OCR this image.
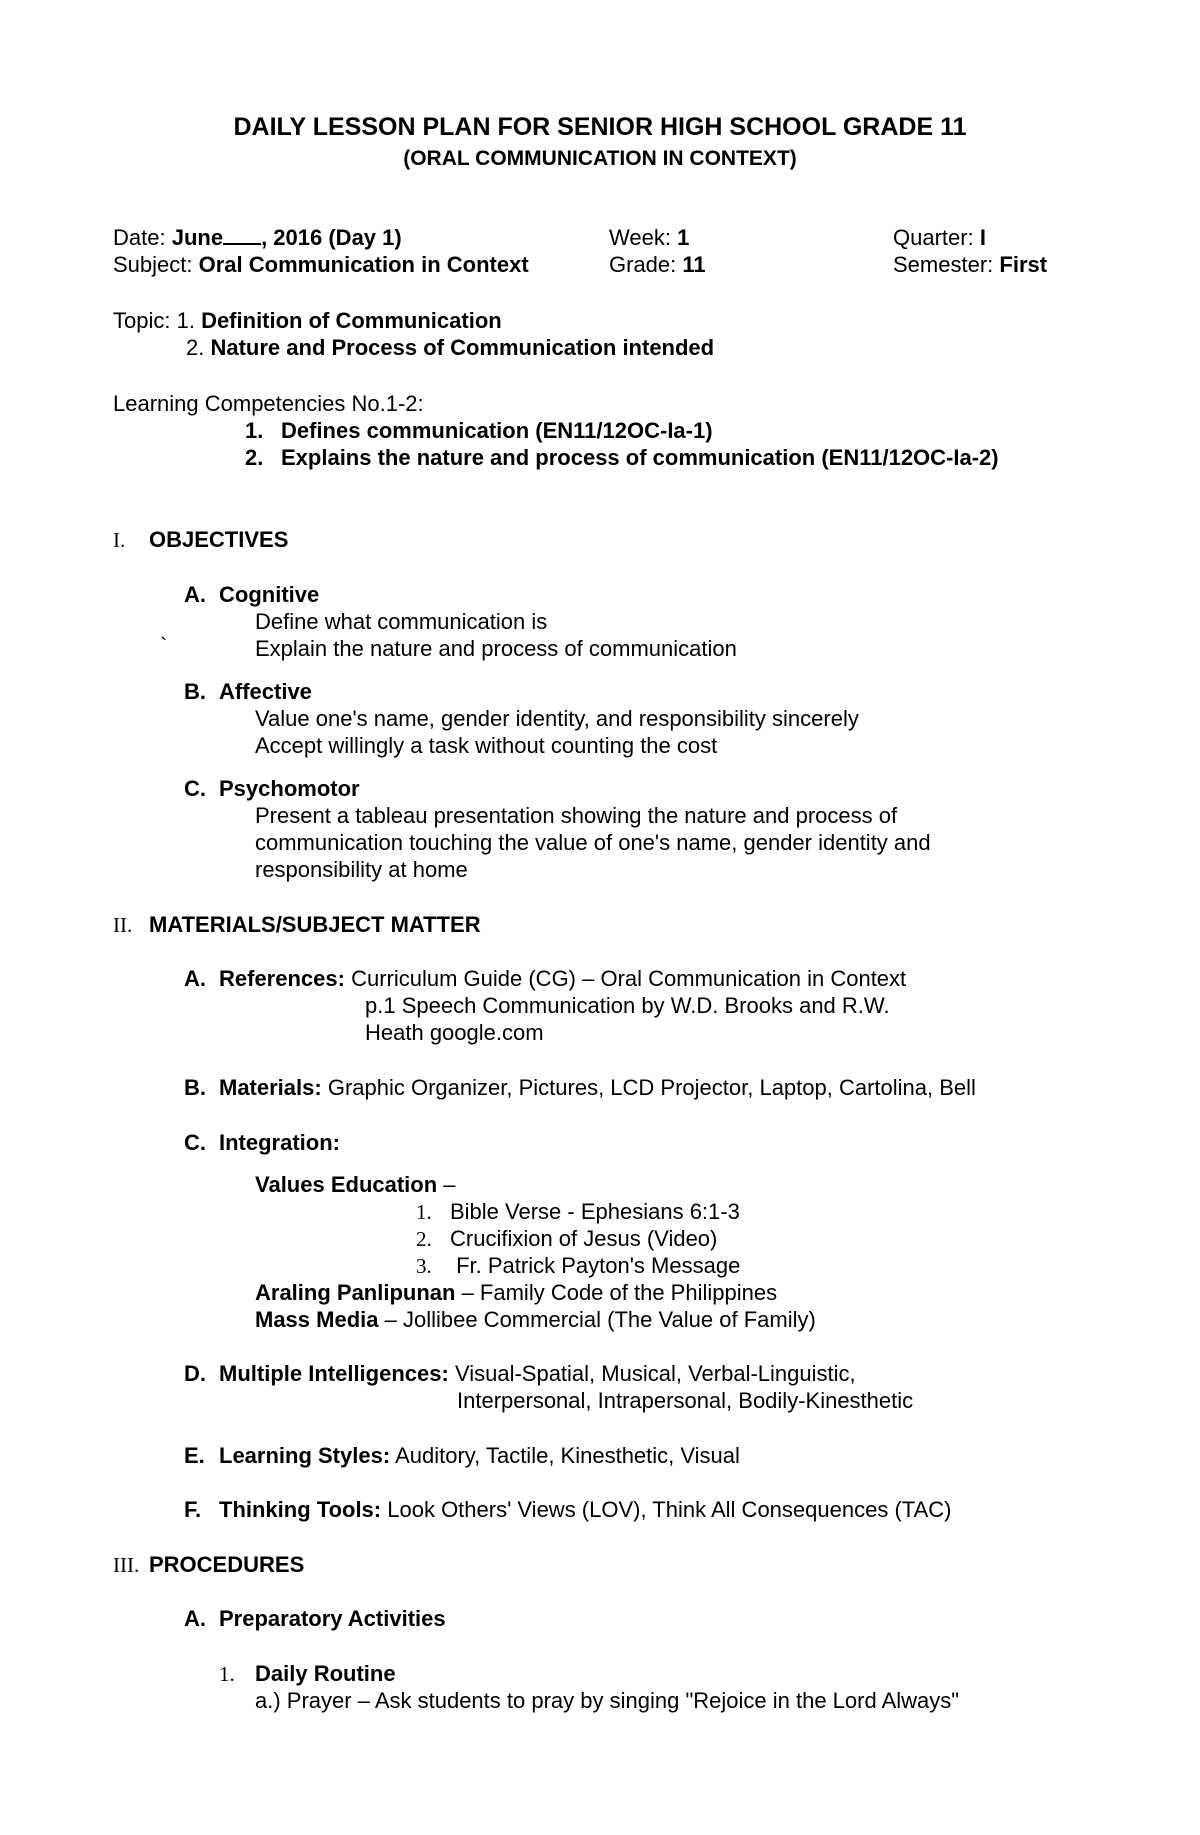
DAILY LESSON PLAN FOR SENIOR HIGH SCHOOL GRADE 11
(ORAL COMMUNICATION IN CONTEXT)
Date: June , 2016 (Day 1)	Week: 1	Quarter: I
Subject: Oral Communication in Context	Grade: 11	Semester: First
Topic: 1. Definition of Communication
2. Nature and Process of Communication intended
Learning Competencies No.1-2:
1. Defines communication (EN11/12OC-Ia-1)
2. Explains the nature and process of communication (EN11/12OC-Ia-2)
I. OBJECTIVES
A. Cognitive
Define what communication is
`	Explain the nature and process of communication
B. Affective
Value one's name, gender identity, and responsibility sincerely
Accept willingly a task without counting the cost
C. Psychomotor
Present a tableau presentation showing the nature and process of
communication touching the value of one's name, gender identity and
responsibility at home
II. MATERIALS/SUBJECT MATTER
A. References: Curriculum Guide (CG) – Oral Communication in Context
p.1 Speech Communication by W.D. Brooks and R.W.
Heath google.com
B. Materials: Graphic Organizer, Pictures, LCD Projector, Laptop, Cartolina, Bell
C. Integration:
Values Education –
1. Bible Verse - Ephesians 6:1-3
2. Crucifixion of Jesus (Video)
3. Fr. Patrick Payton's Message
Araling Panlipunan – Family Code of the Philippines
Mass Media – Jollibee Commercial (The Value of Family)
D. Multiple Intelligences: Visual-Spatial, Musical, Verbal-Linguistic,
Interpersonal, Intrapersonal, Bodily-Kinesthetic
E. Learning Styles: Auditory, Tactile, Kinesthetic, Visual
F. Thinking Tools: Look Others' Views (LOV), Think All Consequences (TAC)
III. PROCEDURES
A. Preparatory Activities
1. Daily Routine
a.) Prayer – Ask students to pray by singing "Rejoice in the Lord Always"
